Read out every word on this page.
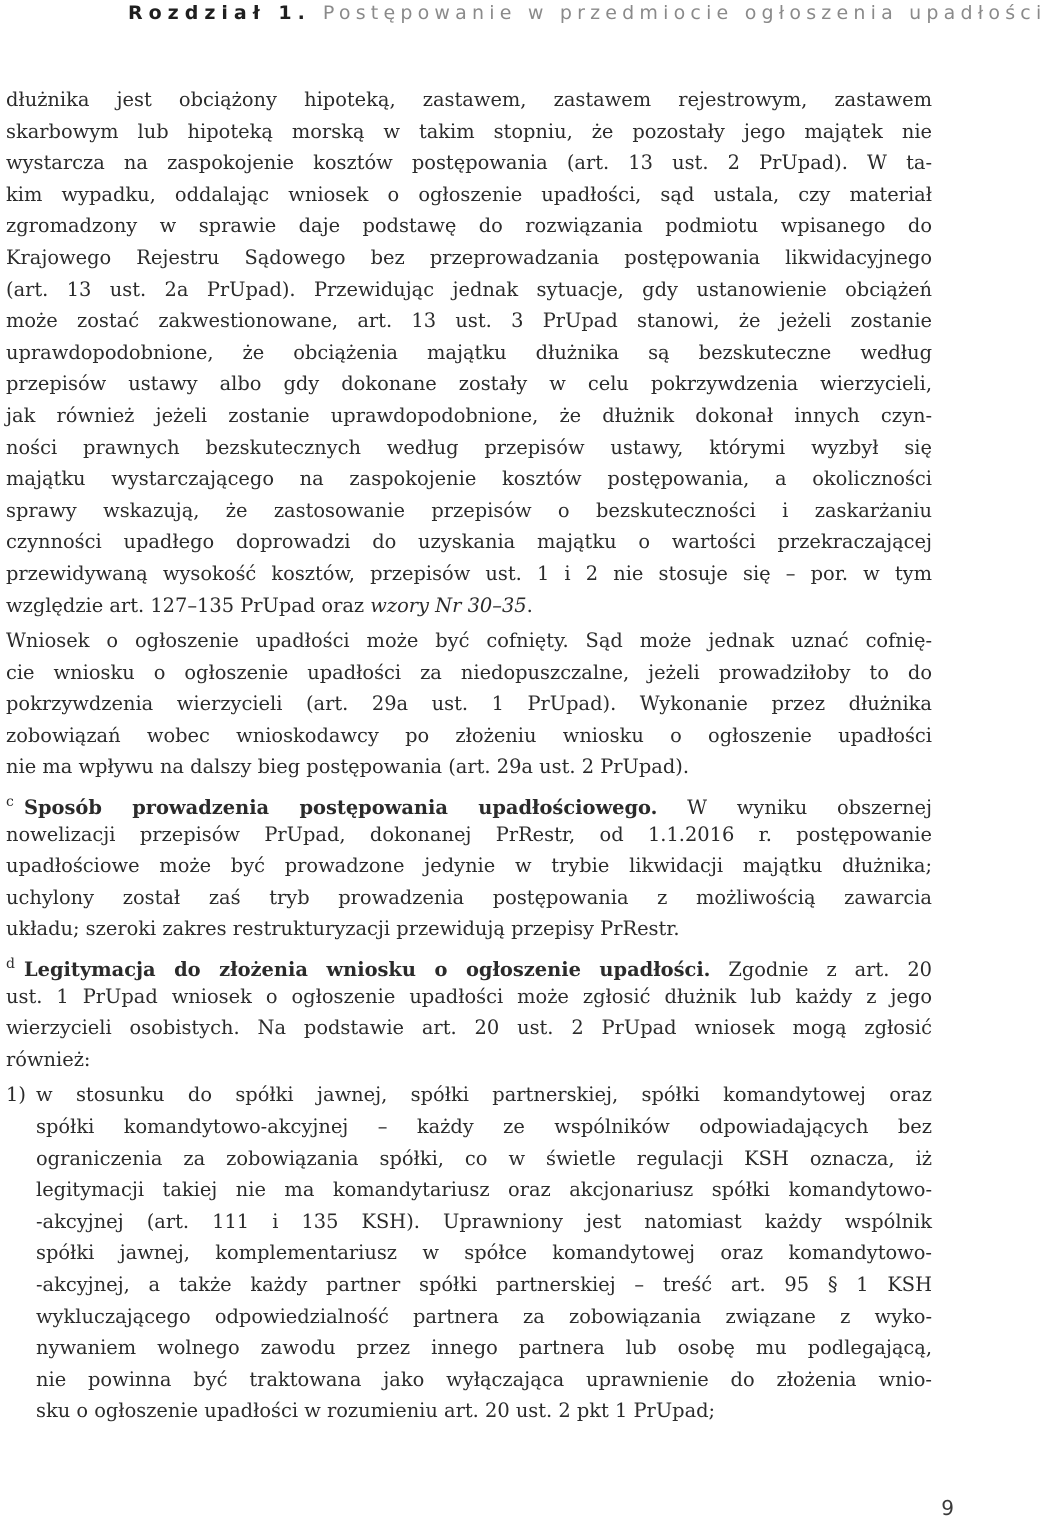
Rozdział 1. Postępowanie w przedmiocie ogłoszenia upadłości
dłużnika jest obciążony hipoteką, zastawem, zastawem rejestrowym, zastawem
skarbowym lub hipoteką morską w takim stopniu, że pozostały jego majątek nie
wystarcza na zaspokojenie kosztów postępowania (art. 13 ust. 2 PrUpad). W ta-
kim wypadku, oddalając wniosek o ogłoszenie upadłości, sąd ustala, czy materiał
zgromadzony w sprawie daje podstawę do rozwiązania podmiotu wpisanego do
Krajowego Rejestru Sądowego bez przeprowadzania postępowania likwidacyjnego
(art. 13 ust. 2a PrUpad). Przewidując jednak sytuacje, gdy ustanowienie obciążeń
może zostać zakwestionowane, art. 13 ust. 3 PrUpad stanowi, że jeżeli zostanie
uprawdopodobnione, że obciążenia majątku dłużnika są bezskuteczne według
przepisów ustawy albo gdy dokonane zostały w celu pokrzywdzenia wierzycieli,
jak również jeżeli zostanie uprawdopodobnione, że dłużnik dokonał innych czyn-
ności prawnych bezskutecznych według przepisów ustawy, którymi wyzbył się
majątku wystarczającego na zaspokojenie kosztów postępowania, a okoliczności
sprawy wskazują, że zastosowanie przepisów o bezskuteczności i zaskarżaniu
czynności upadłego doprowadzi do uzyskania majątku o wartości przekraczającej
przewidywaną wysokość kosztów, przepisów ust. 1 i 2 nie stosuje się – por. w tym
względzie art. 127–135 PrUpad oraz wzory Nr 30–35.
Wniosek o ogłoszenie upadłości może być cofnięty. Sąd może jednak uznać cofnię-
cie wniosku o ogłoszenie upadłości za niedopuszczalne, jeżeli prowadziłoby to do
pokrzywdzenia wierzycieli (art. 29a ust. 1 PrUpad). Wykonanie przez dłużnika
zobowiązań wobec wnioskodawcy po złożeniu wniosku o ogłoszenie upadłości
nie ma wpływu na dalszy bieg postępowania (art. 29a ust. 2 PrUpad).
c Sposób prowadzenia postępowania upadłościowego. W wyniku obszernej
nowelizacji przepisów PrUpad, dokonanej PrRestr, od 1.1.2016 r. postępowanie
upadłościowe może być prowadzone jedynie w trybie likwidacji majątku dłużnika;
uchylony został zaś tryb prowadzenia postępowania z możliwością zawarcia
układu; szeroki zakres restrukturyzacji przewidują przepisy PrRestr.
d Legitymacja do złożenia wniosku o ogłoszenie upadłości. Zgodnie z art. 20
ust. 1 PrUpad wniosek o ogłoszenie upadłości może zgłosić dłużnik lub każdy z jego
wierzycieli osobistych. Na podstawie art. 20 ust. 2 PrUpad wniosek mogą zgłosić
również:
1) w stosunku do spółki jawnej, spółki partnerskiej, spółki komandytowej oraz
spółki komandytowo-akcyjnej – każdy ze wspólników odpowiadających bez
ograniczenia za zobowiązania spółki, co w świetle regulacji KSH oznacza, iż
legitymacji takiej nie ma komandytariusz oraz akcjonariusz spółki komandytowo-
-akcyjnej (art. 111 i 135 KSH). Uprawniony jest natomiast każdy wspólnik
spółki jawnej, komplementariusz w spółce komandytowej oraz komandytowo-
-akcyjnej, a także każdy partner spółki partnerskiej – treść art. 95 § 1 KSH
wykluczającego odpowiedzialność partnera za zobowiązania związane z wyko-
nywaniem wolnego zawodu przez innego partnera lub osobę mu podlegającą,
nie powinna być traktowana jako wyłączająca uprawnienie do złożenia wnio-
sku o ogłoszenie upadłości w rozumieniu art. 20 ust. 2 pkt 1 PrUpad;
9
